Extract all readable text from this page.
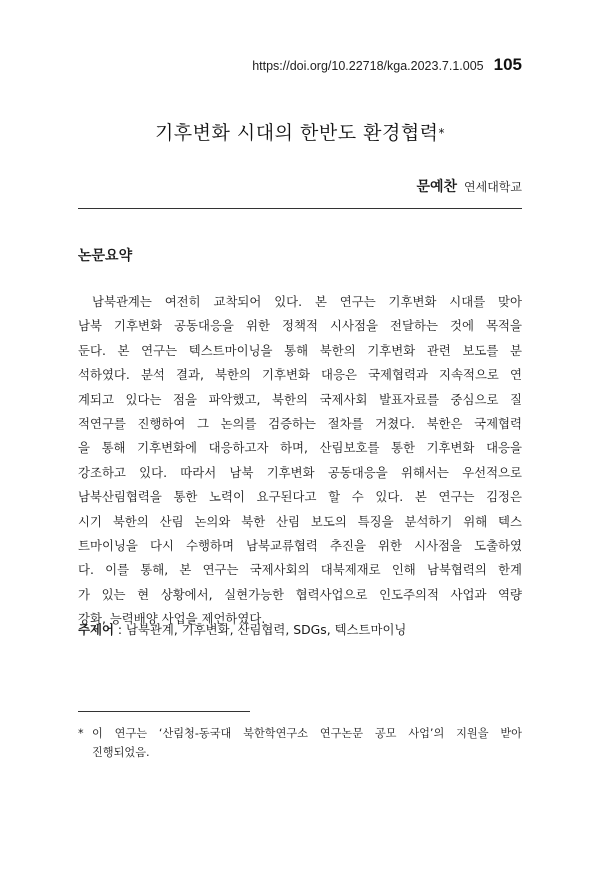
https://doi.org/10.22718/kga.2023.7.1.005 105
기후변화 시대의 한반도 환경협력*
문예찬 연세대학교
논문요약
남북관계는 여전히 교착되어 있다. 본 연구는 기후변화 시대를 맞아
남북 기후변화 공동대응을 위한 정책적 시사점을 전달하는 것에 목적을
둔다. 본 연구는 텍스트마이닝을 통해 북한의 기후변화 관련 보도를 분
석하였다. 분석 결과, 북한의 기후변화 대응은 국제협력과 지속적으로 연
계되고 있다는 점을 파악했고, 북한의 국제사회 발표자료를 중심으로 질
적연구를 진행하여 그 논의를 검증하는 절차를 거쳤다. 북한은 국제협력
을 통해 기후변화에 대응하고자 하며, 산림보호를 통한 기후변화 대응을
강조하고 있다. 따라서 남북 기후변화 공동대응을 위해서는 우선적으로
남북산림협력을 통한 노력이 요구된다고 할 수 있다. 본 연구는 김정은
시기 북한의 산림 논의와 북한 산림 보도의 특징을 분석하기 위해 텍스
트마이닝을 다시 수행하며 남북교류협력 추진을 위한 시사점을 도출하였
다. 이를 통해, 본 연구는 국제사회의 대북제재로 인해 남북협력의 한계
가 있는 현 상황에서, 실현가능한 협력사업으로 인도주의적 사업과 역량
강화, 능력배양 사업을 제언하였다.
주제어 : 남북관계, 기후변화, 산림협력, SDGs, 텍스트마이닝
* 이 연구는 ‘산림청-동국대 북한학연구소 연구논문 공모 사업’의 지원을 받아
진행되었음.
